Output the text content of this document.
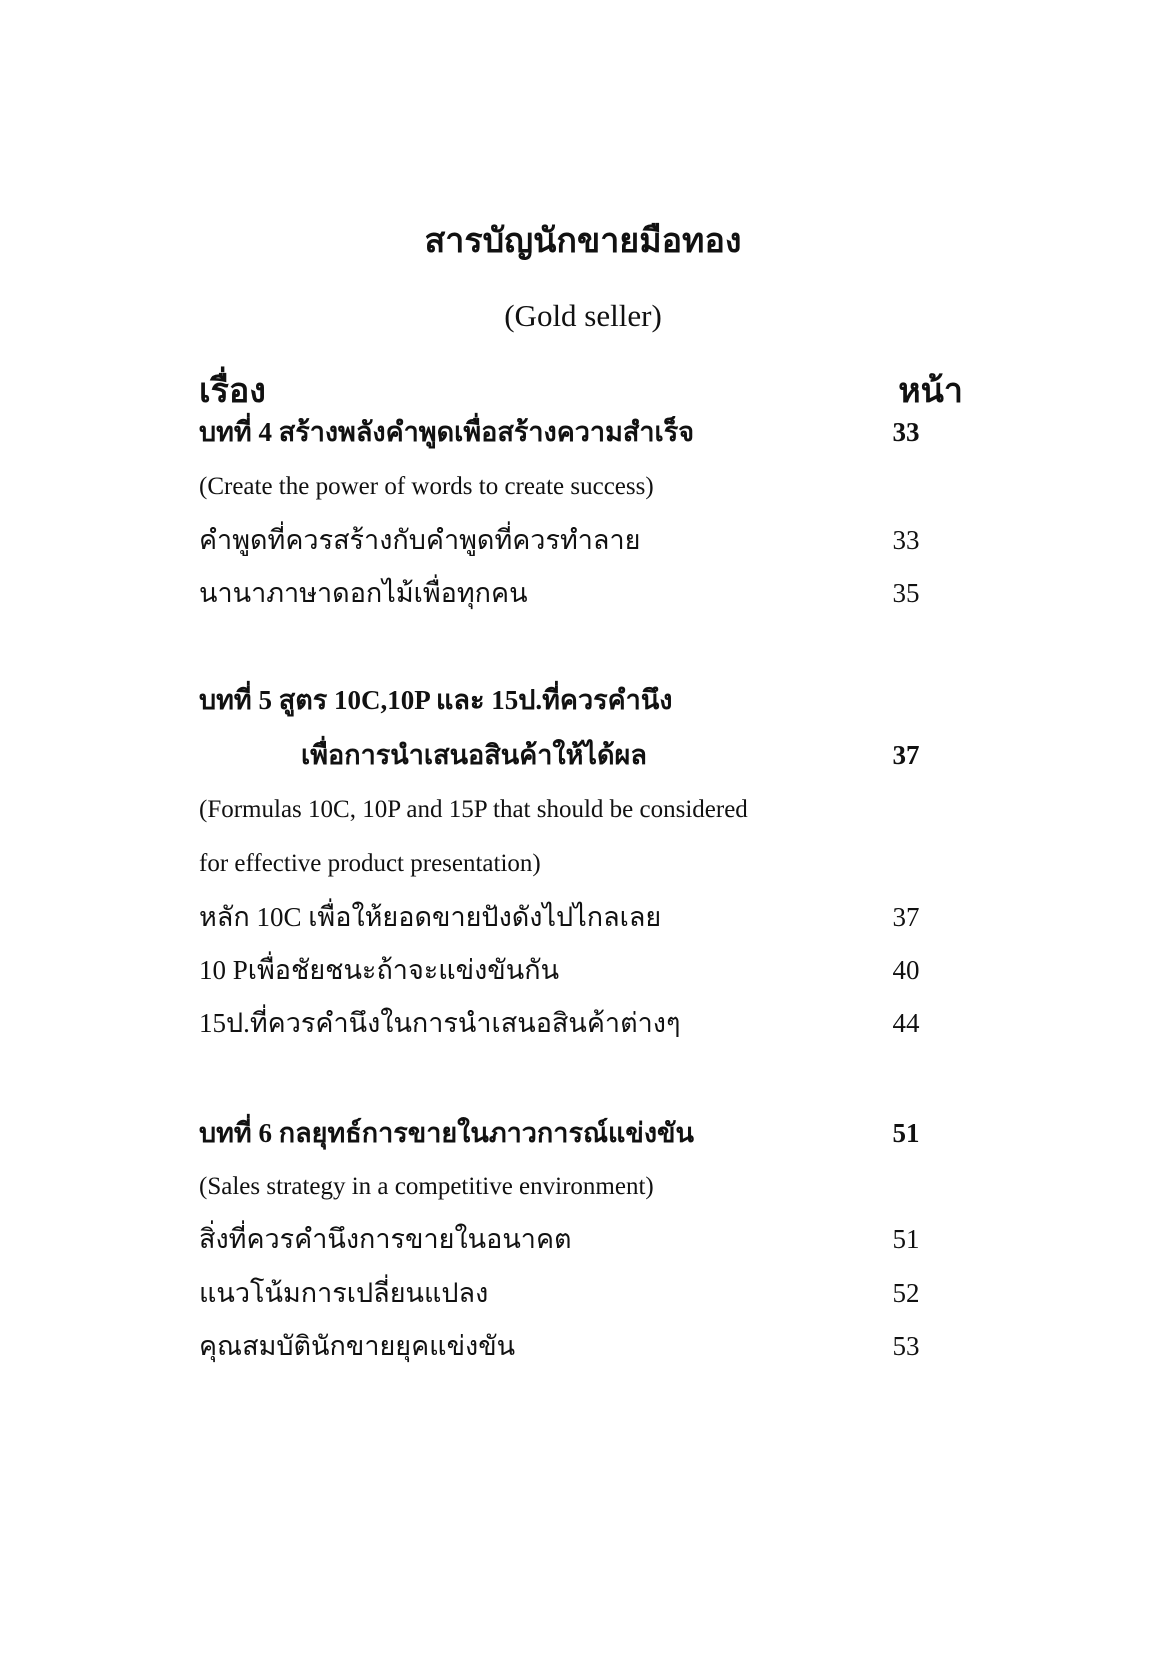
สารบัญนักขายมือทอง
(Gold seller)
เรื่อง	หน้า
บทที่ 4 สร้างพลังคำพูดเพื่อสร้างความสำเร็จ	33
(Create the power of words to create success)
คำพูดที่ควรสร้างกับคำพูดที่ควรทำลาย	33
นานาภาษาดอกไม้เพื่อทุกคน	35
บทที่ 5 สูตร 10C,10P และ 15ป.ที่ควรคำนึง
เพื่อการนำเสนอสินค้าให้ได้ผล	37
(Formulas 10C, 10P and 15P that should be considered
for effective product presentation)
หลัก 10C เพื่อให้ยอดขายปังดังไปไกลเลย	37
10 Pเพื่อชัยชนะถ้าจะแข่งขันกัน	40
15ป.ที่ควรคำนึงในการนำเสนอสินค้าต่างๆ	44
บทที่ 6 กลยุทธ์การขายในภาวการณ์แข่งขัน	51
(Sales strategy in a competitive environment)
สิ่งที่ควรคำนึงการขายในอนาคต	51
แนวโน้มการเปลี่ยนแปลง	52
คุณสมบัตินักขายยุคแข่งขัน	53
